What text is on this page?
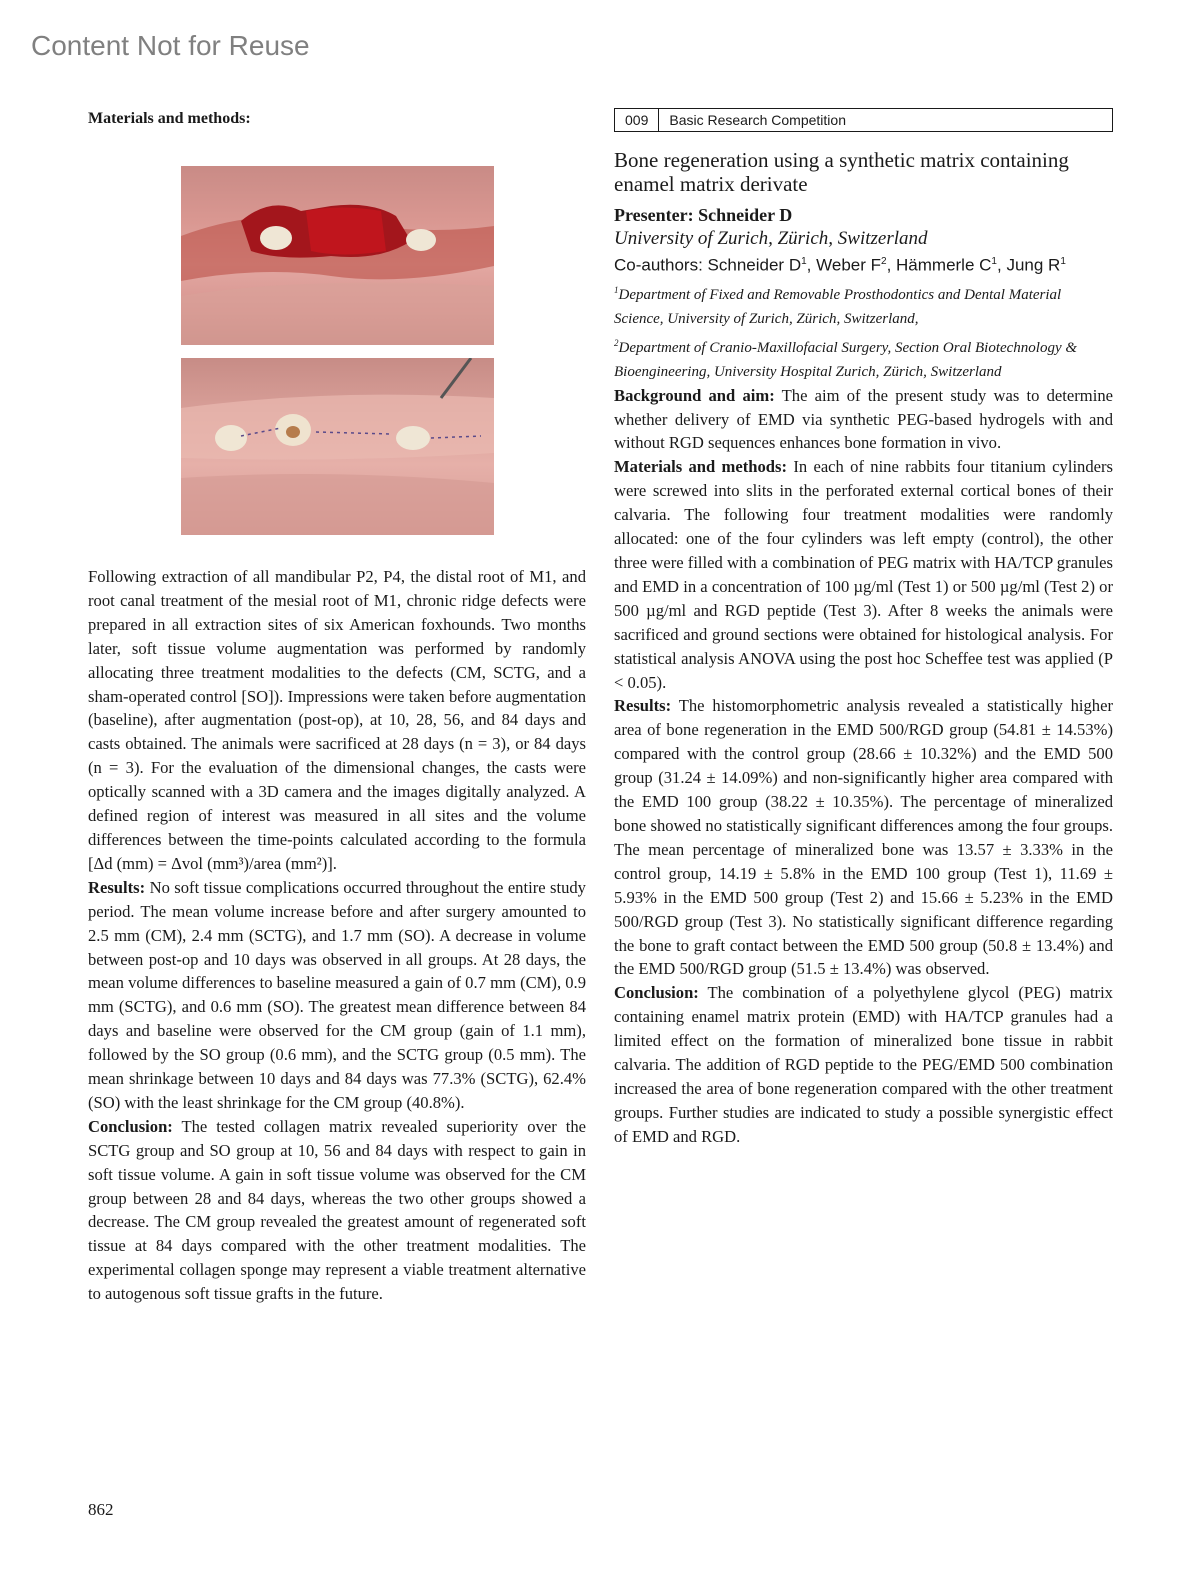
Content Not for Reuse

Materials and methods:

Following extraction of all mandibular P2, P4, the distal root of M1, and root canal treatment of the mesial root of M1, chronic ridge defects were prepared in all extraction sites of six American foxhounds. Two months later, soft tissue volume augmentation was performed by randomly allocating three treatment modalities to the defects (CM, SCTG, and a sham-operated control [SO]). Impressions were taken before augmentation (baseline), after augmentation (post-op), at 10, 28, 56, and 84 days and casts obtained. The animals were sacrificed at 28 days (n = 3), or 84 days (n = 3). For the evaluation of the dimensional changes, the casts were optically scanned with a 3D camera and the images digitally analyzed. A defined region of interest was measured in all sites and the volume differences between the time-points calculated according to the formula [Δd (mm) = Δvol (mm³)/area (mm²)].

Results: No soft tissue complications occurred throughout the entire study period. The mean volume increase before and after surgery amounted to 2.5 mm (CM), 2.4 mm (SCTG), and 1.7 mm (SO). A decrease in volume between post-op and 10 days was observed in all groups. At 28 days, the mean volume differences to baseline measured a gain of 0.7 mm (CM), 0.9 mm (SCTG), and 0.6 mm (SO). The greatest mean difference between 84 days and baseline were observed for the CM group (gain of 1.1 mm), followed by the SO group (0.6 mm), and the SCTG group (0.5 mm). The mean shrinkage between 10 days and 84 days was 77.3% (SCTG), 62.4% (SO) with the least shrinkage for the CM group (40.8%).

Conclusion: The tested collagen matrix revealed superiority over the SCTG group and SO group at 10, 56 and 84 days with respect to gain in soft tissue volume. A gain in soft tissue volume was observed for the CM group between 28 and 84 days, whereas the two other groups showed a decrease. The CM group revealed the greatest amount of regenerated soft tissue at 84 days compared with the other treatment modalities. The experimental collagen sponge may represent a viable treatment alternative to autogenous soft tissue grafts in the future.

862
009	Basic Research Competition
Bone regeneration using a synthetic matrix containing enamel matrix derivate
Presenter: Schneider D
University of Zurich, Zürich, Switzerland
Co-authors: Schneider $D^1$, Weber $F^2$, Hämmerle $C^1$, Jung $R^1$
$^1$Department of Fixed and Removable Prosthodontics and Dental Material Science, University of Zurich, Zürich, Switzerland,
$^2$Department of Cranio-Maxillofacial Surgery, Section Oral Biotechnology & Bioengineering, University Hospital Zurich, Zürich, Switzerland

Background and aim: The aim of the present study was to determine whether delivery of EMD via synthetic PEG-based hydrogels with and without RGD sequences enhances bone formation in vivo.

Materials and methods: In each of nine rabbits four titanium cylinders were screwed into slits in the perforated external cortical bones of their calvaria. The following four treatment modalities were randomly allocated: one of the four cylinders was left empty (control), the other three were filled with a combination of PEG matrix with HA/TCP granules and EMD in a concentration of 100 µg/ml (Test 1) or 500 µg/ml (Test 2) or 500 µg/ml and RGD peptide (Test 3). After 8 weeks the animals were sacrificed and ground sections were obtained for histological analysis. For statistical analysis ANOVA using the post hoc Scheffee test was applied (P < 0.05).

Results: The histomorphometric analysis revealed a statistically higher area of bone regeneration in the EMD 500/RGD group (54.81 ± 14.53%) compared with the control group (28.66 ± 10.32%) and the EMD 500 group (31.24 ± 14.09%) and non-significantly higher area compared with the EMD 100 group (38.22 ± 10.35%). The percentage of mineralized bone showed no statistically significant differences among the four groups. The mean percentage of mineralized bone was 13.57 ± 3.33% in the control group, 14.19 ± 5.8% in the EMD 100 group (Test 1), 11.69 ± 5.93% in the EMD 500 group (Test 2) and 15.66 ± 5.23% in the EMD 500/RGD group (Test 3). No statistically significant difference regarding the bone to graft contact between the EMD 500 group (50.8 ± 13.4%) and the EMD 500/RGD group (51.5 ± 13.4%) was observed.

Conclusion: The combination of a polyethylene glycol (PEG) matrix containing enamel matrix protein (EMD) with HA/TCP granules had a limited effect on the formation of mineralized bone tissue in rabbit calvaria. The addition of RGD peptide to the PEG/EMD 500 combination increased the area of bone regeneration compared with the other treatment groups. Further studies are indicated to study a possible synergistic effect of EMD and RGD.
